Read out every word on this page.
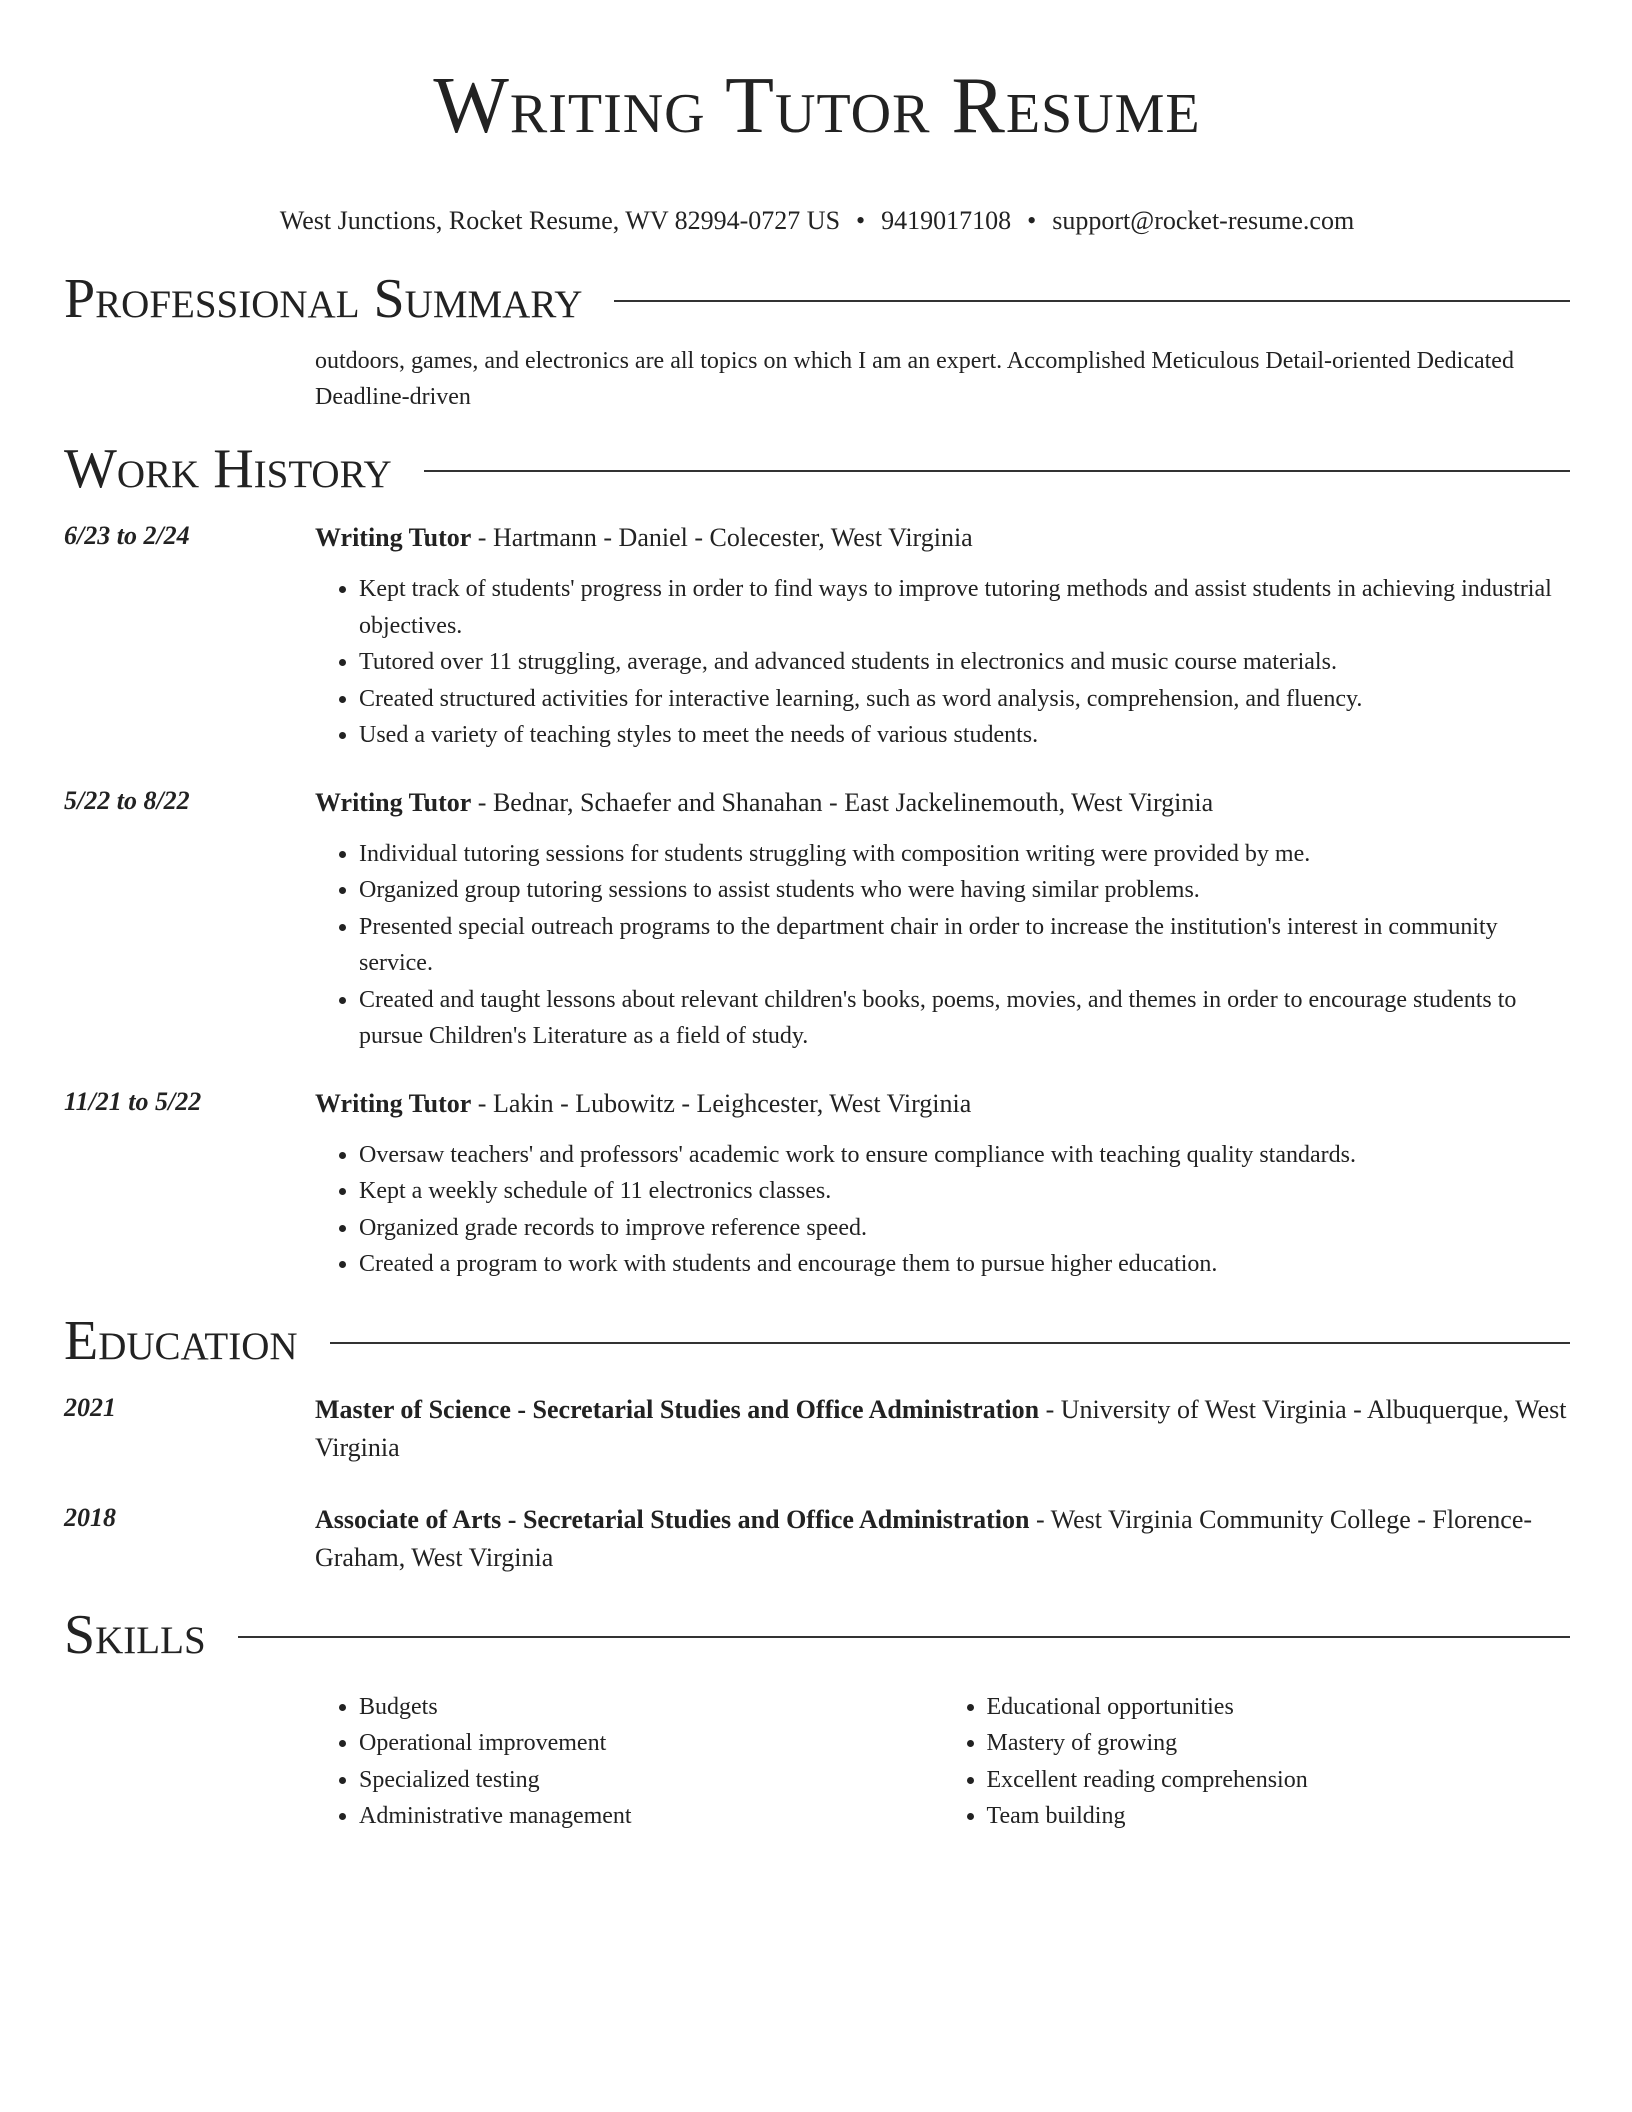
Writing Tutor Resume
West Junctions, Rocket Resume, WV 82994-0727 US • 9419017108 • support@rocket-resume.com
Professional Summary
outdoors, games, and electronics are all topics on which I am an expert. Accomplished Meticulous Detail-oriented Dedicated Deadline-driven
Work History
6/23 to 2/24	Writing Tutor - Hartmann - Daniel - Colecester, West Virginia
• Kept track of students' progress in order to find ways to improve tutoring methods and assist students in achieving industrial objectives.
• Tutored over 11 struggling, average, and advanced students in electronics and music course materials.
• Created structured activities for interactive learning, such as word analysis, comprehension, and fluency.
• Used a variety of teaching styles to meet the needs of various students.
5/22 to 8/22	Writing Tutor - Bednar, Schaefer and Shanahan - East Jackelinemouth, West Virginia
• Individual tutoring sessions for students struggling with composition writing were provided by me.
• Organized group tutoring sessions to assist students who were having similar problems.
• Presented special outreach programs to the department chair in order to increase the institution's interest in community service.
• Created and taught lessons about relevant children's books, poems, movies, and themes in order to encourage students to pursue Children's Literature as a field of study.
11/21 to 5/22	Writing Tutor - Lakin - Lubowitz - Leighcester, West Virginia
• Oversaw teachers' and professors' academic work to ensure compliance with teaching quality standards.
• Kept a weekly schedule of 11 electronics classes.
• Organized grade records to improve reference speed.
• Created a program to work with students and encourage them to pursue higher education.
Education
2021	Master of Science - Secretarial Studies and Office Administration - University of West Virginia - Albuquerque, West Virginia
2018	Associate of Arts - Secretarial Studies and Office Administration - West Virginia Community College - Florence-Graham, West Virginia
Skills
• Budgets
• Operational improvement
• Specialized testing
• Administrative management
• Educational opportunities
• Mastery of growing
• Excellent reading comprehension
• Team building
